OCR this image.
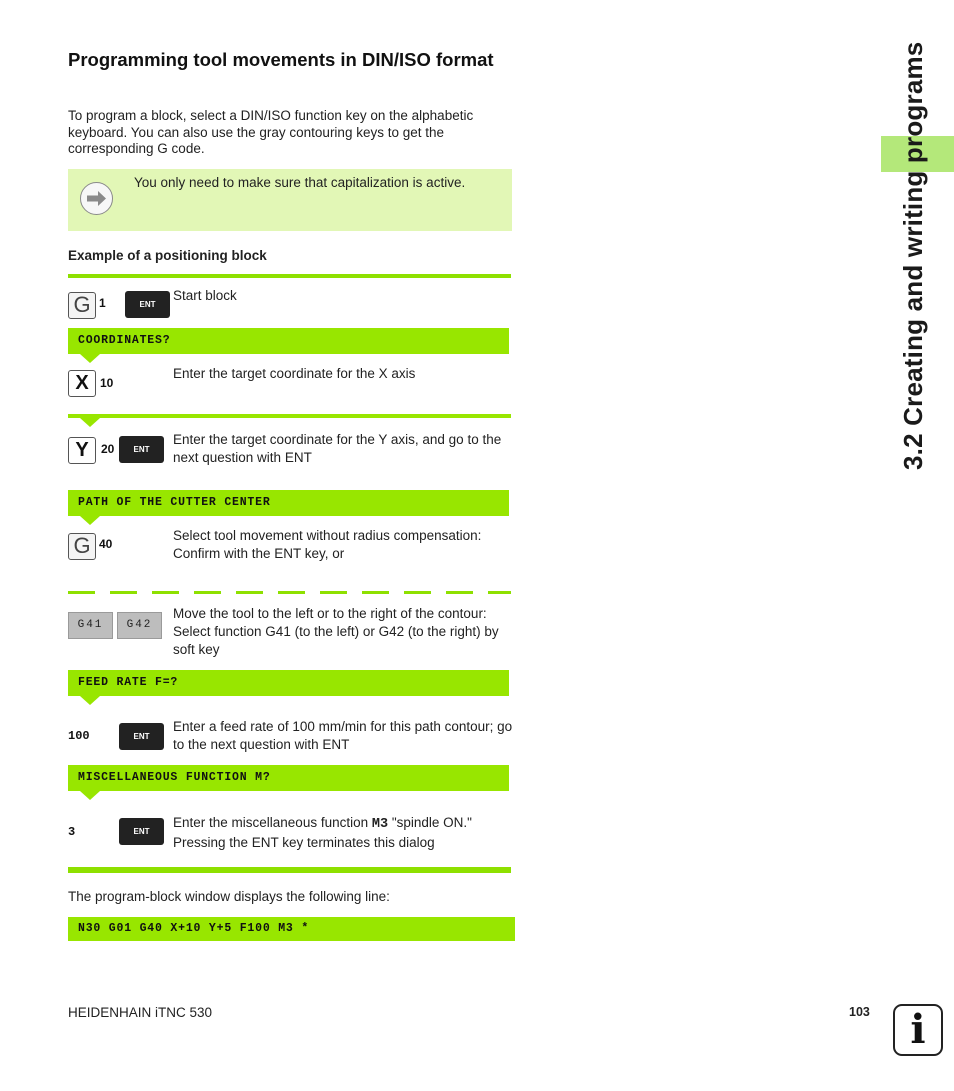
Programming tool movements in DIN/ISO format
To program a block, select a DIN/ISO function key on the alphabetic keyboard. You can also use the gray contouring keys to get the corresponding G code.
You only need to make sure that capitalization is active.
Example of a positioning block
G 1	ENT
Start block
COORDINATES?
X 10
Enter the target coordinate for the X axis
Y	20	ENT
Enter the target coordinate for the Y axis, and go to the next question with ENT
PATH OF THE CUTTER CENTER
G 40
Select tool movement without radius compensation: Confirm with the ENT key, or
G41	G42
Move the tool to the left or to the right of the contour: Select function G41 (to the left) or G42 (to the right) by soft key
FEED RATE F=?
100	ENT
Enter a feed rate of 100 mm/min for this path contour; go to the next question with ENT
MISCELLANEOUS FUNCTION M?
3	ENT
Enter the miscellaneous function M3 "spindle ON." Pressing the ENT key terminates this dialog
The program-block window displays the following line:
N30 G01 G40 X+10 Y+5 F100 M3 *
3.2 Creating and writing programs
HEIDENHAIN iTNC 530	103	i
